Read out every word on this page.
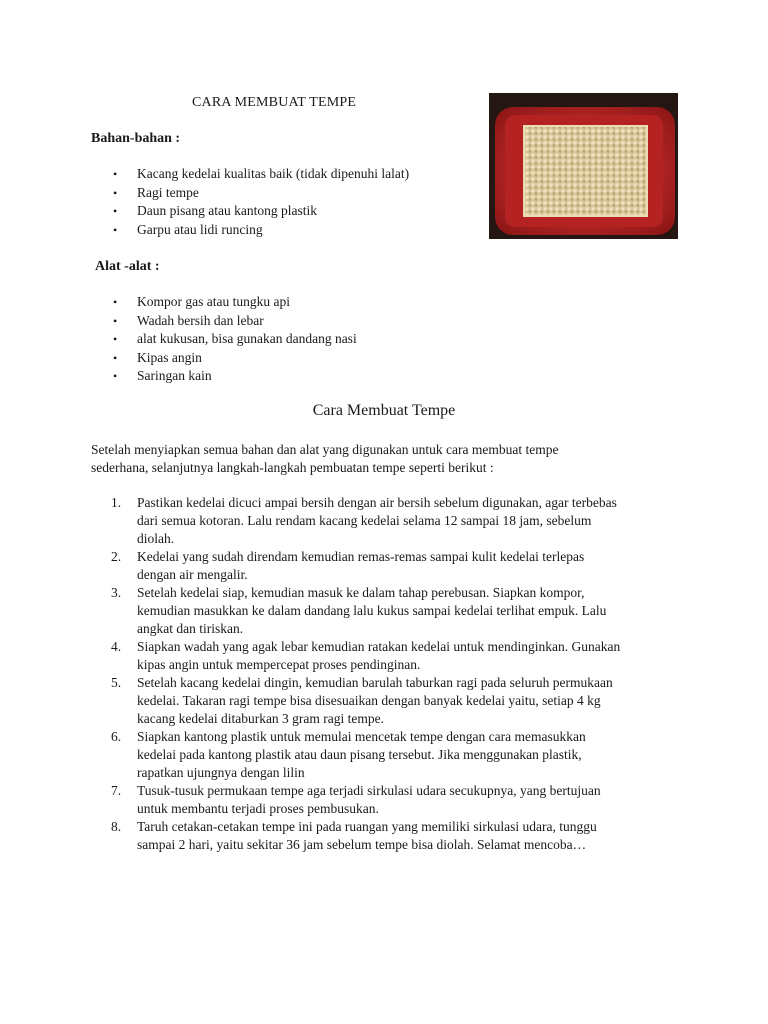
CARA MEMBUAT TEMPE
Bahan-bahan :
• Kacang kedelai kualitas baik (tidak dipenuhi lalat)
• Ragi tempe
• Daun pisang atau kantong plastik
• Garpu atau lidi runcing
Alat -alat :
• Kompor gas atau tungku api
• Wadah bersih dan lebar
• alat kukusan, bisa gunakan dandang nasi
• Kipas angin
• Saringan kain
Cara Membuat Tempe
Setelah menyiapkan semua bahan dan alat yang digunakan untuk cara membuat tempe
sederhana, selanjutnya langkah-langkah pembuatan tempe seperti berikut :
1. Pastikan kedelai dicuci ampai bersih dengan air bersih sebelum digunakan, agar terbebas
dari semua kotoran. Lalu rendam kacang kedelai selama 12 sampai 18 jam, sebelum
diolah.
2. Kedelai yang sudah direndam kemudian remas-remas sampai kulit kedelai terlepas
dengan air mengalir.
3. Setelah kedelai siap, kemudian masuk ke dalam tahap perebusan. Siapkan kompor,
kemudian masukkan ke dalam dandang lalu kukus sampai kedelai terlihat empuk. Lalu
angkat dan tiriskan.
4. Siapkan wadah yang agak lebar kemudian ratakan kedelai untuk mendinginkan. Gunakan
kipas angin untuk mempercepat proses pendinginan.
5. Setelah kacang kedelai dingin, kemudian barulah taburkan ragi pada seluruh permukaan
kedelai. Takaran ragi tempe bisa disesuaikan dengan banyak kedelai yaitu, setiap 4 kg
kacang kedelai ditaburkan 3 gram ragi tempe.
6. Siapkan kantong plastik untuk memulai mencetak tempe dengan cara memasukkan
kedelai pada kantong plastik atau daun pisang tersebut. Jika menggunakan plastik,
rapatkan ujungnya dengan lilin
7. Tusuk-tusuk permukaan tempe aga terjadi sirkulasi udara secukupnya, yang bertujuan
untuk membantu terjadi proses pembusukan.
8. Taruh cetakan-cetakan tempe ini pada ruangan yang memiliki sirkulasi udara, tunggu
sampai 2 hari, yaitu sekitar 36 jam sebelum tempe bisa diolah. Selamat mencoba…
